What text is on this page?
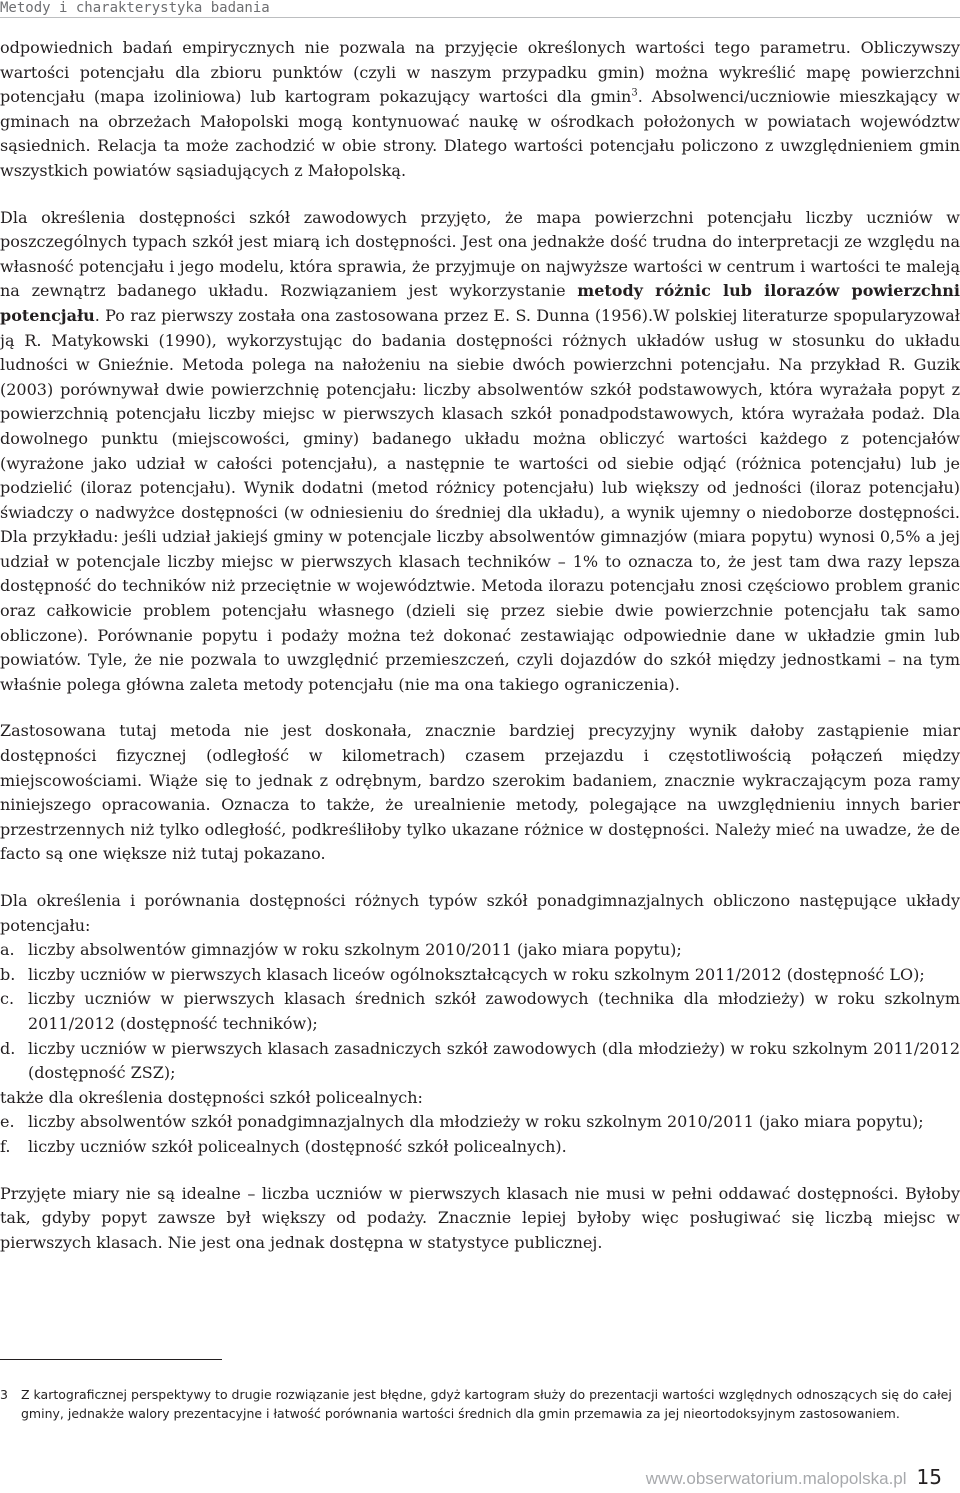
Metody i charakterystyka badania

odpowiednich badań empirycznych nie pozwala na przyjęcie określonych wartości tego parametru. Obliczywszy wartości potencjału dla zbioru punktów (czyli w naszym przypadku gmin) można wykreślić mapę powierzchni potencjału (mapa izoliniowa) lub kartogram pokazujący wartości dla gmin$^3$. Absolwenci/uczniowie mieszkający w gminach na obrzeżach Małopolski mogą kontynuować naukę w ośrodkach położonych w powiatach województw sąsiednich. Relacja ta może zachodzić w obie strony. Dlatego wartości potencjału policzono z uwzględnieniem gmin wszystkich powiatów sąsiadujących z Małopolską.

Dla określenia dostępności szkół zawodowych przyjęto, że mapa powierzchni potencjału liczby uczniów w poszczególnych typach szkół jest miarą ich dostępności. Jest ona jednakże dość trudna do interpretacji ze względu na własność potencjału i jego modelu, która sprawia, że przyjmuje on najwyższe wartości w centrum i wartości te maleją na zewnątrz badanego układu. Rozwiązaniem jest wykorzystanie metody różnic lub ilorazów powierzchni potencjału. Po raz pierwszy została ona zastosowana przez E. S. Dunna (1956).W polskiej literaturze spopularyzował ją R. Matykowski (1990), wykorzystując do badania dostępności różnych układów usług w stosunku do układu ludności w Gnieźnie. Metoda polega na nałożeniu na siebie dwóch powierzchni potencjału. Na przykład R. Guzik (2003) porównywał dwie powierzchnię potencjału: liczby absolwentów szkół podstawowych, która wyrażała popyt z powierzchnią potencjału liczby miejsc w pierwszych klasach szkół ponadpodstawowych, która wyrażała podaż. Dla dowolnego punktu (miejscowości, gminy) badanego układu można obliczyć wartości każdego z potencjałów (wyrażone jako udział w całości potencjału), a następnie te wartości od siebie odjąć (różnica potencjału) lub je podzielić (iloraz potencjału). Wynik dodatni (metod różnicy potencjału) lub większy od jedności (iloraz potencjału) świadczy o nadwyżce dostępności (w odniesieniu do średniej dla układu), a wynik ujemny o niedoborze dostępności. Dla przykładu: jeśli udział jakiejś gminy w potencjale liczby absolwentów gimnazjów (miara popytu) wynosi 0,5% a jej udział w potencjale liczby miejsc w pierwszych klasach techników – 1% to oznacza to, że jest tam dwa razy lepsza dostępność do techników niż przeciętnie w województwie. Metoda ilorazu potencjału znosi częściowo problem granic oraz całkowicie problem potencjału własnego (dzieli się przez siebie dwie powierzchnie potencjału tak samo obliczone). Porównanie popytu i podaży można też dokonać zestawiając odpowiednie dane w układzie gmin lub powiatów. Tyle, że nie pozwala to uwzględnić przemieszczeń, czyli dojazdów do szkół między jednostkami – na tym właśnie polega główna zaleta metody potencjału (nie ma ona takiego ograniczenia).

Zastosowana tutaj metoda nie jest doskonała, znacznie bardziej precyzyjny wynik dałoby zastąpienie miar dostępności fizycznej (odległość w kilometrach) czasem przejazdu i częstotliwością połączeń między miejscowościami. Wiąże się to jednak z odrębnym, bardzo szerokim badaniem, znacznie wykraczającym poza ramy niniejszego opracowania. Oznacza to także, że urealnienie metody, polegające na uwzględnieniu innych barier przestrzennych niż tylko odległość, podkreśliłoby tylko ukazane różnice w dostępności. Należy mieć na uwadze, że de facto są one większe niż tutaj pokazano.

Dla określenia i porównania dostępności różnych typów szkół ponadgimnazjalnych obliczono następujące układy potencjału:

a. liczby absolwentów gimnazjów w roku szkolnym 2010/2011 (jako miara popytu);
b. liczby uczniów w pierwszych klasach liceów ogólnokształcących w roku szkolnym 2011/2012 (dostępność LO);
c. liczby uczniów w pierwszych klasach średnich szkół zawodowych (technika dla młodzieży) w roku szkolnym 2011/2012 (dostępność techników);
d. liczby uczniów w pierwszych klasach zasadniczych szkół zawodowych (dla młodzieży) w roku szkolnym 2011/2012 (dostępność ZSZ);
także dla określenia dostępności szkół policealnych:
e. liczby absolwentów szkół ponadgimnazjalnych dla młodzieży w roku szkolnym 2010/2011 (jako miara popytu);
f. liczby uczniów szkół policealnych (dostępność szkół policealnych).

Przyjęte miary nie są idealne – liczba uczniów w pierwszych klasach nie musi w pełni oddawać dostępności. Byłoby tak, gdyby popyt zawsze był większy od podaży. Znacznie lepiej byłoby więc posługiwać się liczbą miejsc w pierwszych klasach. Nie jest ona jednak dostępna w statystyce publicznej.

3 Z kartograficznej perspektywy to drugie rozwiązanie jest błędne, gdyż kartogram służy do prezentacji wartości względnych odnoszących się do całej gminy, jednakże walory prezentacyjne i łatwość porównania wartości średnich dla gmin przemawia za jej nieortodoksyjnym zastosowaniem.
www.obserwatorium.malopolska.pl 15
